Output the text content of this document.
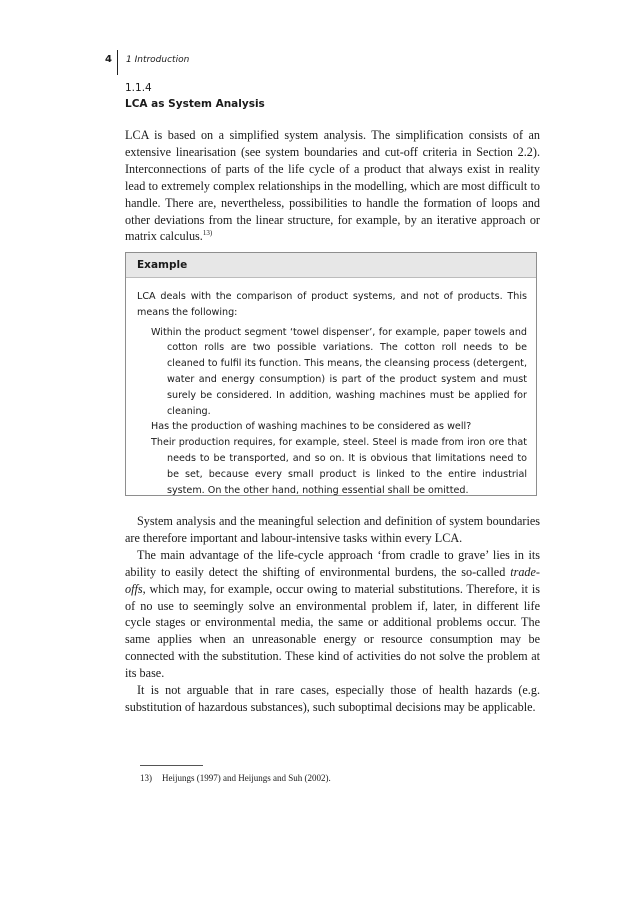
4 1 Introduction
1.1.4
LCA as System Analysis

LCA is based on a simplified system analysis. The simplification consists of an extensive linearisation (see system boundaries and cut-off criteria in Section 2.2). Interconnections of parts of the life cycle of a product that always exist in reality lead to extremely complex relationships in the modelling, which are most difficult to handle. There are, nevertheless, possibilities to handle the formation of loops and other deviations from the linear structure, for example, by an iterative approach or matrix calculus.$^{13)}$

Example

LCA deals with the comparison of product systems, and not of products. This means the following:

Within the product segment ‘towel dispenser’, for example, paper towels and cotton rolls are two possible variations. The cotton roll needs to be cleaned to fulfil its function. This means, the cleansing process (detergent, water and energy consumption) is part of the product system and must surely be considered. In addition, washing machines must be applied for cleaning.

Has the production of washing machines to be considered as well?

Their production requires, for example, steel. Steel is made from iron ore that needs to be transported, and so on. It is obvious that limitations need to be set, because every small product is linked to the entire industrial system. On the other hand, nothing essential shall be omitted.

System analysis and the meaningful selection and definition of system boundaries are therefore important and labour-intensive tasks within every LCA.

The main advantage of the life-cycle approach ‘from cradle to grave’ lies in its ability to easily detect the shifting of environmental burdens, the so-called trade-offs, which may, for example, occur owing to material substitutions. Therefore, it is of no use to seemingly solve an environmental problem if, later, in different life cycle stages or environmental media, the same or additional problems occur. The same applies when an unreasonable energy or resource consumption may be connected with the substitution. These kind of activities do not solve the problem at its base.

It is not arguable that in rare cases, especially those of health hazards (e.g. substitution of hazardous substances), such suboptimal decisions may be applicable.

13) Heijungs (1997) and Heijungs and Suh (2002).
